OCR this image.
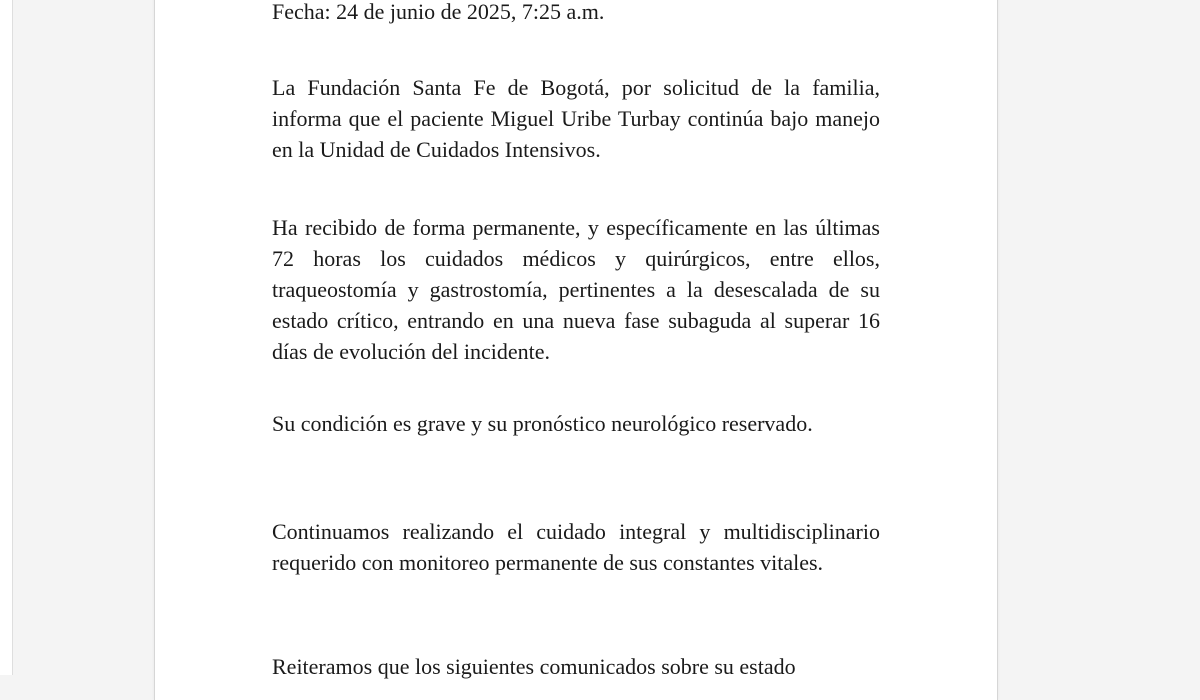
Fecha: 24 de junio de 2025, 7:25 a.m.

La Fundación Santa Fe de Bogotá, por solicitud de la familia, informa que el paciente Miguel Uribe Turbay continúa bajo manejo en la Unidad de Cuidados Intensivos.

Ha recibido de forma permanente, y específicamente en las últimas 72 horas los cuidados médicos y quirúrgicos, entre ellos, traqueostomía y gastrostomía, pertinentes a la desescalada de su estado crítico, entrando en una nueva fase subaguda al superar 16 días de evolución del incidente.

Su condición es grave y su pronóstico neurológico reservado.

Continuamos realizando el cuidado integral y multidisciplinario requerido con monitoreo permanente de sus constantes vitales.

Reiteramos que los siguientes comunicados sobre su estado
